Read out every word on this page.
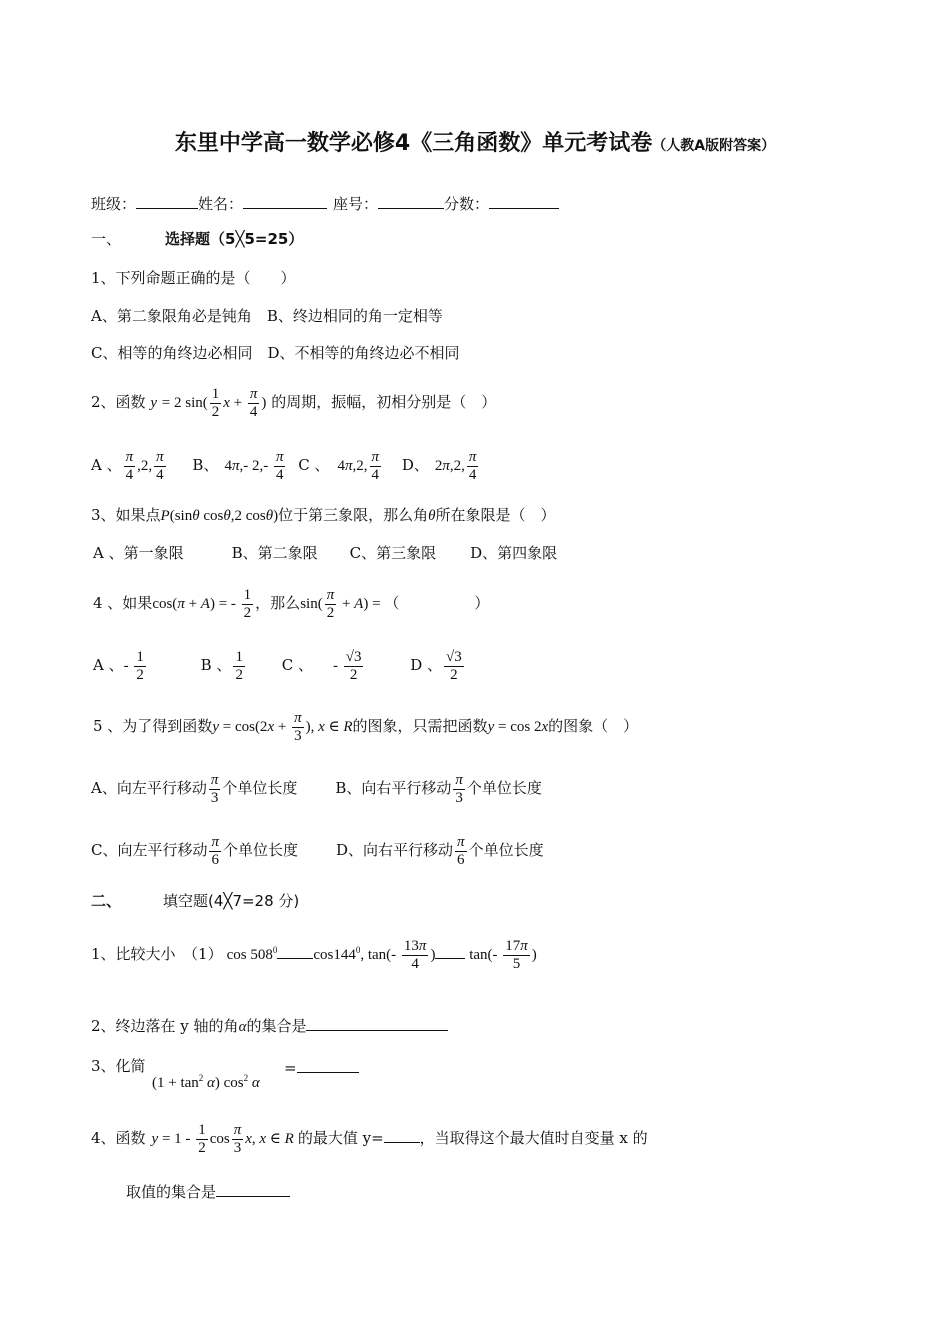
东里中学高一数学必修4《三角函数》单元考试卷（人教A版附答案）
班级：	姓名：	座号：	分数：
一、	选择题（5╳5=25）
1、下列命题正确的是（　　）
A、第二象限角必是钝角　B、终边相同的角一定相等
C、相等的角终边必相同　D、不相等的角终边必不相同
2、函数 y = 2 $\sin( \frac{1}{2}$ $x + \frac{\pi}{4}$ ) 的周期，振幅，初相分别是（　）
A 、 $\frac{\pi}{4} ,2$, $\frac{\pi}{4}$ B、 4π,- $2,- \frac{\pi}{4}$ C 、 4π,2, $\frac{\pi}{4}$ D、 2π,2, $\frac{\pi}{4}$
3、如果点P(sinθ cosθ,2 cosθ)位于第三象限，那么角θ所在象限是（　）
A 、第一象限	B、第二象限 C、第三象限 D、第四象限
4 、如果cos(π + A) = - $\frac{1}{2}$ ，那么$\sin( \frac{\pi}{2} + A)$ = （　　　　　）
A 、- $\frac{1}{2}$	B 、 $\frac{1}{2}$ C 、 - $\frac{√3}{2}$	D 、 $\frac{√3}{2}$
5 、为了得到函数$y = \cos(2x + \frac{\pi}{3}$ ), x ∈ R的图象，只需把函数y = cos 2x的图象（　）
A、向左平行移动 $\frac{\pi}{3}$ 个单位长度	B、向右平行移动 $\frac{\pi}{3}$ 个单位长度
C、向左平行移动 $\frac{\pi}{6}$ 个单位长度	D、向右平行移动 $\frac{\pi}{6}$ 个单位长度
二、	填空题(4╳7=28 分)
1、比较大小　（1） $\cos 508^0$ $\cos 144^0$, $\tan(- \frac{13\pi}{4}$ ) $\tan(- \frac{17\pi}{5}$ )
2、终边落在 y 轴的角α的集合是
3、化简
$(1 + \tan^2 \alpha)$ $\cos^2 \alpha$
=
4、函数 $y = 1 - \frac{1}{2}$ $\cos \frac{\pi}{3} x$, x ∈ R 的最大值 y= ，当取得这个最大值时自变量 x 的
取值的集合是
